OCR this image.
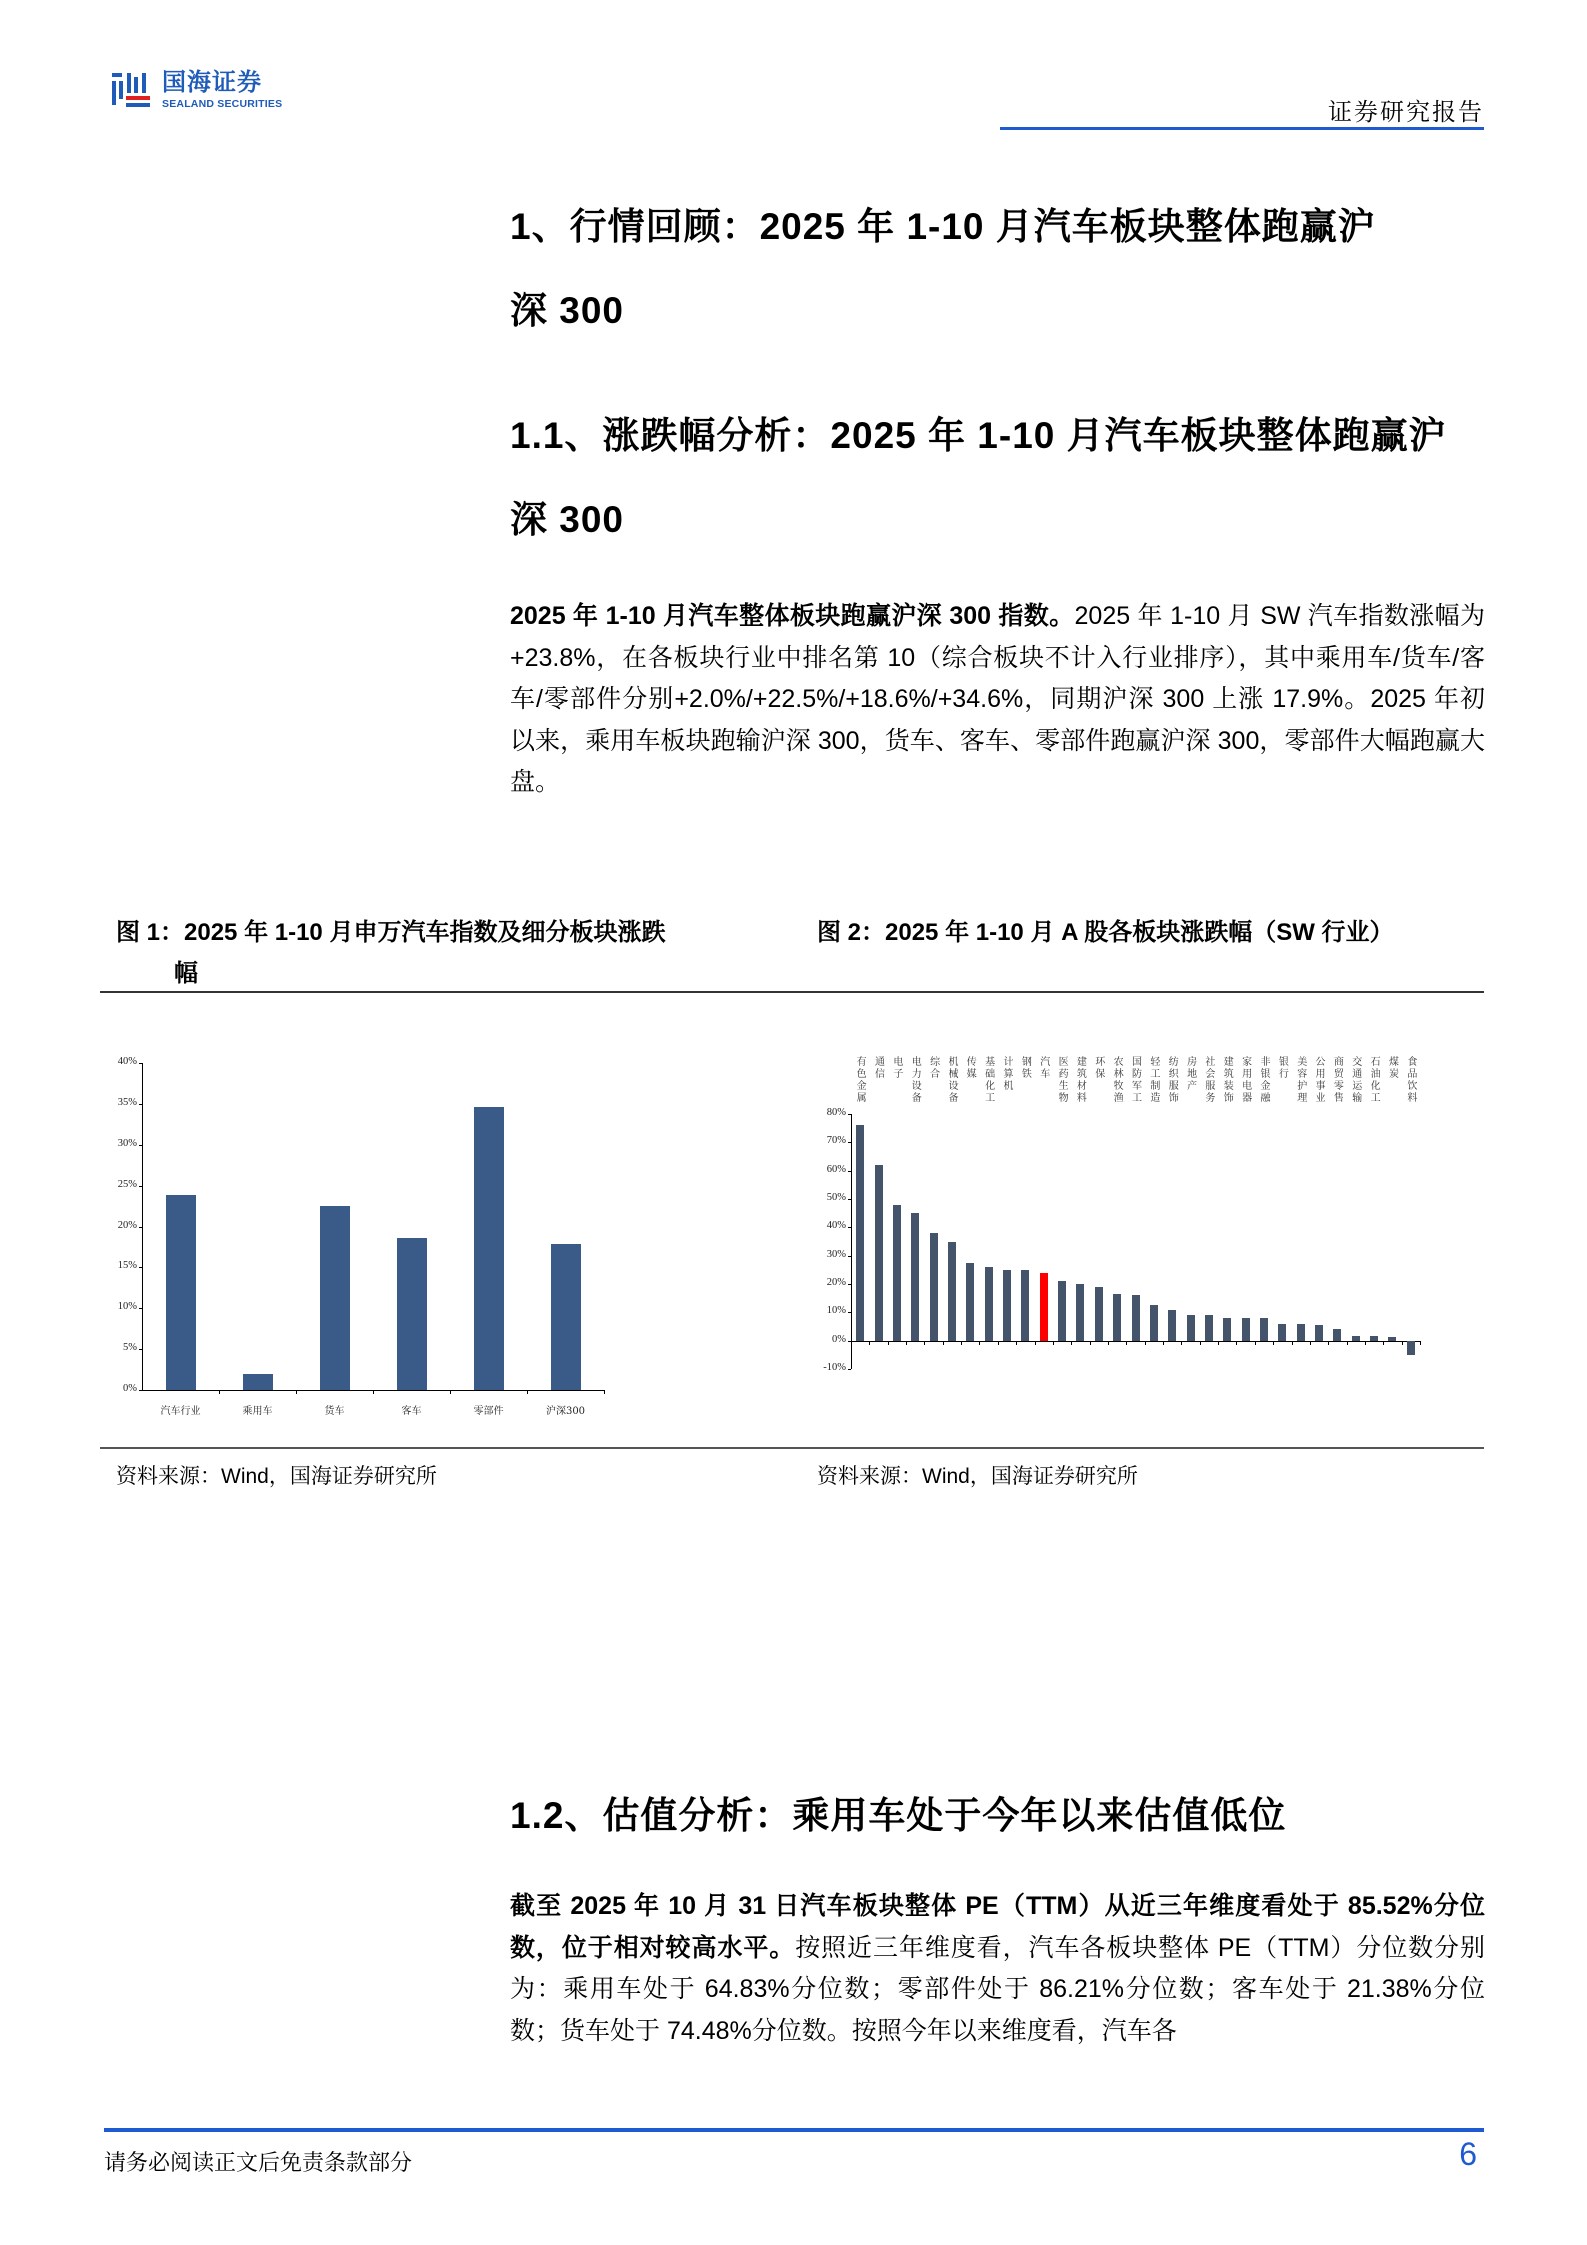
国海证券
SEALAND SECURITIES	证券研究报告
1、行情回顾：2025 年 1-10 月汽车板块整体跑赢沪
深 300
1.1、涨跌幅分析：2025 年 1-10 月汽车板块整体跑赢沪
深 300
2025 年 1-10 月汽车整体板块跑赢沪深 300 指数。2025 年 1-10 月 SW 汽车指数涨幅为+23.8%，在各板块行业中排名第 10（综合板块不计入行业排序），其中乘用车/货车/客车/零部件分别+2.0%/+22.5%/+18.6%/+34.6%，同期沪深 300 上涨 17.9%。2025 年初以来，乘用车板块跑输沪深 300，货车、客车、零部件跑赢沪深 300，零部件大幅跑赢大盘。
图 1：2025 年 1-10 月申万汽车指数及细分板块涨跌
幅
图 2：2025 年 1-10 月 A 股各板块涨跌幅（SW 行业）
0%
5%
10%
15%
20%
25%
30%
35%
40%
汽车行业	乘用车	货车	客车	零部件	沪深300
-10%
0%
10%
20%
30%
40%
50%
60%
70%
80%
有色金属 通信 电子 电力设备 综合 机械设备 传媒 基础化工 计算机 钢铁 汽车 医药生物 建筑材料 环保 农林牧渔 国防军工 轻工制造 纺织服饰 房地产 社会服务 建筑装饰 家用电器 非银金融 银行 美容护理 公用事业 商贸零售 交通运输 石油化工 煤炭 食品饮料
资料来源：Wind，国海证券研究所	资料来源：Wind，国海证券研究所
1.2、估值分析：乘用车处于今年以来估值低位
截至 2025 年 10 月 31 日汽车板块整体 PE（TTM）从近三年维度看处于 85.52%分位数，位于相对较高水平。按照近三年维度看，汽车各板块整体 PE（TTM）分位数分别为：乘用车处于 64.83%分位数；零部件处于 86.21%分位数；客车处于 21.38%分位数；货车处于 74.48%分位数。按照今年以来维度看，汽车各
请务必阅读正文后免责条款部分	6
